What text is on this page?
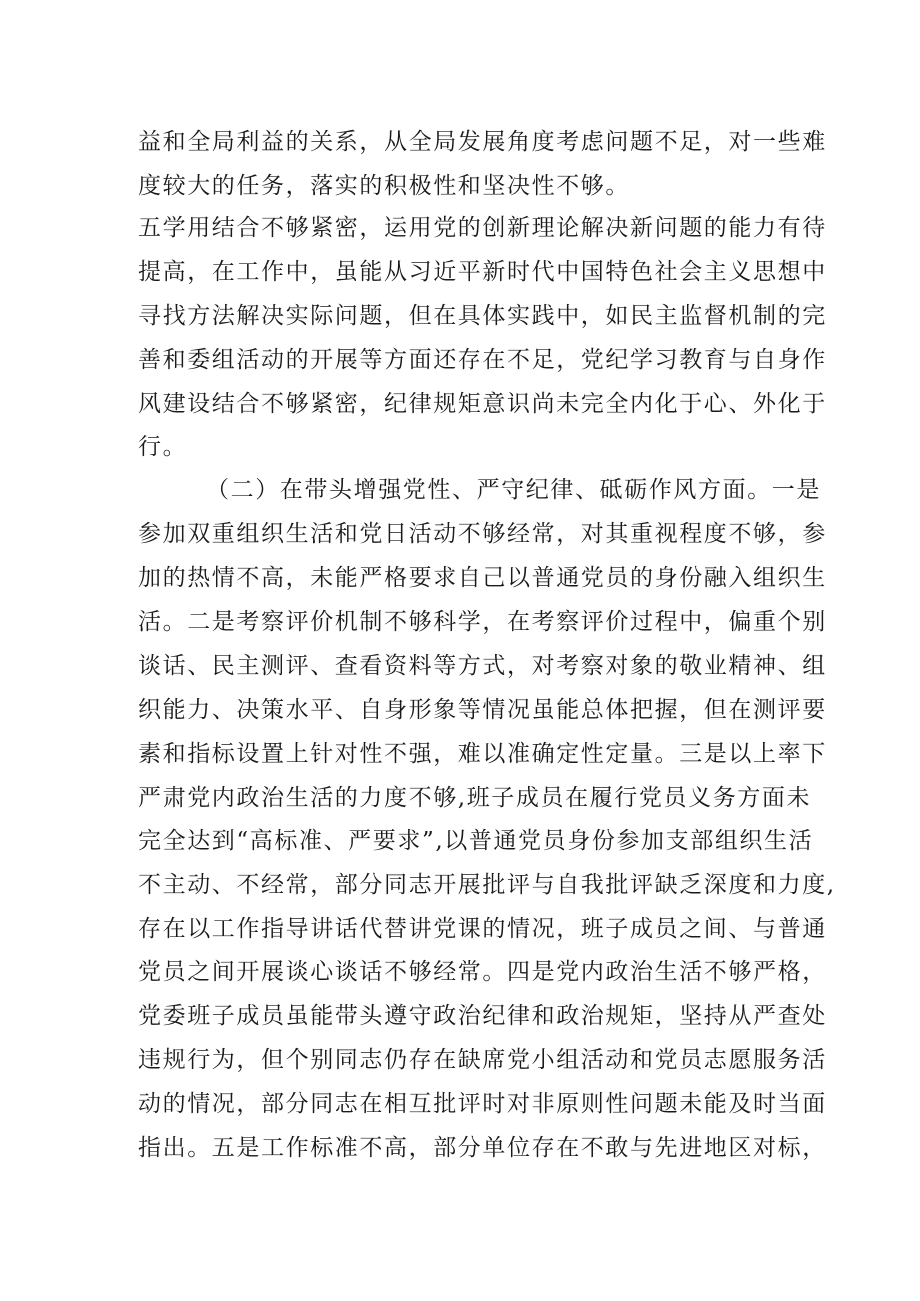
益和全局利益的关系，从全局发展角度考虑问题不足，对一些难
度较大的任务，落实的积极性和坚决性不够。
五学用结合不够紧密，运用党的创新理论解决新问题的能力有待
提高，在工作中，虽能从习近平新时代中国特色社会主义思想中
寻找方法解决实际问题，但在具体实践中，如民主监督机制的完
善和委组活动的开展等方面还存在不足，党纪学习教育与自身作
风建设结合不够紧密，纪律规矩意识尚未完全内化于心、外化于
行。
（二）在带头增强党性、严守纪律、砥砺作风方面。一是
参加双重组织生活和党日活动不够经常，对其重视程度不够，参
加的热情不高，未能严格要求自己以普通党员的身份融入组织生
活。二是考察评价机制不够科学，在考察评价过程中，偏重个别
谈话、民主测评、查看资料等方式，对考察对象的敬业精神、组
织能力、决策水平、自身形象等情况虽能总体把握，但在测评要
素和指标设置上针对性不强，难以准确定性定量。三是以上率下
严肃党内政治生活的力度不够,班子成员在履行党员义务方面未
完全达到“高标准、严要求”,以普通党员身份参加支部组织生活
不主动、不经常，部分同志开展批评与自我批评缺乏深度和力度,
存在以工作指导讲话代替讲党课的情况，班子成员之间、与普通
党员之间开展谈心谈话不够经常。四是党内政治生活不够严格，
党委班子成员虽能带头遵守政治纪律和政治规矩，坚持从严查处
违规行为，但个别同志仍存在缺席党小组活动和党员志愿服务活
动的情况，部分同志在相互批评时对非原则性问题未能及时当面
指出。五是工作标准不高，部分单位存在不敢与先进地区对标，
